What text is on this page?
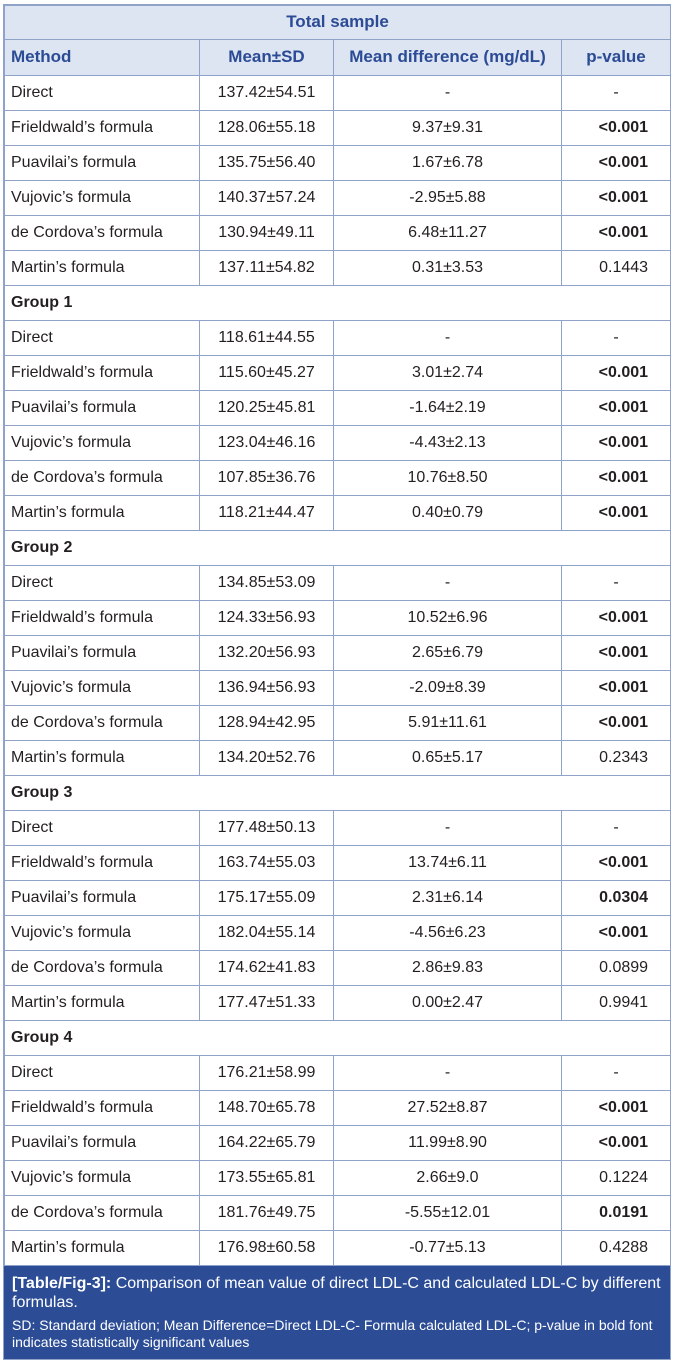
Total sample			
Method	Mean±SD	Mean difference (mg/dL)	p-value
Direct	137.42±54.51	-	-
Frieldwald’s formula	128.06±55.18	9.37±9.31	<0.001
Puavilai’s formula	135.75±56.40	1.67±6.78	<0.001
Vujovic’s formula	140.37±57.24	-2.95±5.88	<0.001
de Cordova’s formula	130.94±49.11	6.48±11.27	<0.001
Martin’s formula	137.11±54.82	0.31±3.53	0.1443
Group 1			
Direct	118.61±44.55	-	-
Frieldwald’s formula	115.60±45.27	3.01±2.74	<0.001
Puavilai’s formula	120.25±45.81	-1.64±2.19	<0.001
Vujovic’s formula	123.04±46.16	-4.43±2.13	<0.001
de Cordova’s formula	107.85±36.76	10.76±8.50	<0.001
Martin’s formula	118.21±44.47	0.40±0.79	<0.001
Group 2			
Direct	134.85±53.09	-	-
Frieldwald’s formula	124.33±56.93	10.52±6.96	<0.001
Puavilai’s formula	132.20±56.93	2.65±6.79	<0.001
Vujovic’s formula	136.94±56.93	-2.09±8.39	<0.001
de Cordova’s formula	128.94±42.95	5.91±11.61	<0.001
Martin’s formula	134.20±52.76	0.65±5.17	0.2343
Group 3			
Direct	177.48±50.13	-	-
Frieldwald’s formula	163.74±55.03	13.74±6.11	<0.001
Puavilai’s formula	175.17±55.09	2.31±6.14	0.0304
Vujovic’s formula	182.04±55.14	-4.56±6.23	<0.001
de Cordova’s formula	174.62±41.83	2.86±9.83	0.0899
Martin’s formula	177.47±51.33	0.00±2.47	0.9941
Group 4			
Direct	176.21±58.99	-	-
Frieldwald’s formula	148.70±65.78	27.52±8.87	<0.001
Puavilai’s formula	164.22±65.79	11.99±8.90	<0.001
Vujovic’s formula	173.55±65.81	2.66±9.0	0.1224
de Cordova’s formula	181.76±49.75	-5.55±12.01	0.0191
Martin’s formula	176.98±60.58	-0.77±5.13	0.4288
[Table/Fig-3]: Comparison of mean value of direct LDL-C and calculated LDL-C by different formulas.
SD: Standard deviation; Mean Difference=Direct LDL-C- Formula calculated LDL-C; p-value in bold font indicates statistically significant values
